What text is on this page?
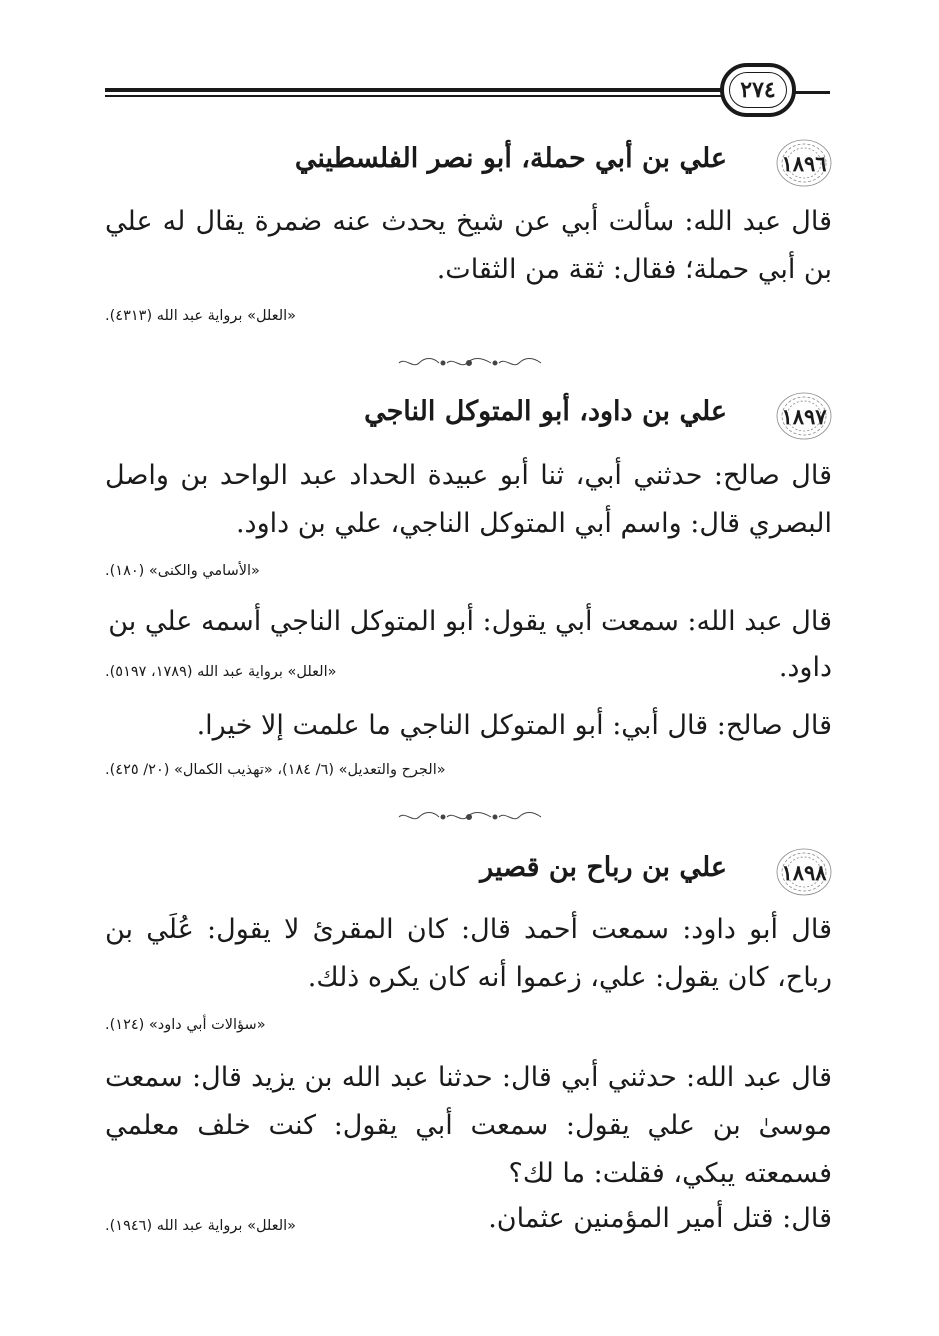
٢٧٤
١٨٩٦
علي بن أبي حملة، أبو نصر الفلسطيني
قال عبد الله: سألت أبي عن شيخ يحدث عنه ضمرة يقال له علي بن أبي حملة؛ فقال: ثقة من الثقات.
«العلل» برواية عبد الله (٤٣١٣).
١٨٩٧
علي بن داود، أبو المتوكل الناجي
قال صالح: حدثني أبي، ثنا أبو عبيدة الحداد عبد الواحد بن واصل البصري قال: واسم أبي المتوكل الناجي، علي بن داود.
«الأسامي والكنى» (١٨٠).
قال عبد الله: سمعت أبي يقول: أبو المتوكل الناجي أسمه علي بن
داود.
«العلل» برواية عبد الله (١٧٨٩، ٥١٩٧).
قال صالح: قال أبي: أبو المتوكل الناجي ما علمت إلا خيرا.
«الجرح والتعديل» (٦/ ١٨٤)، «تهذيب الكمال» (٢٠/ ٤٢٥).
١٨٩٨
علي بن رباح بن قصير
قال أبو داود: سمعت أحمد قال: كان المقرئ لا يقول: عُلَي بن رباح، كان يقول: علي، زعموا أنه كان يكره ذلك.
«سؤالات أبي داود» (١٢٤).
قال عبد الله: حدثني أبي قال: حدثنا عبد الله بن يزيد قال: سمعت موسىٰ بن علي يقول: سمعت أبي يقول: كنت خلف معلمي فسمعته يبكي، فقلت: ما لك؟
قال: قتل أمير المؤمنين عثمان.
«العلل» برواية عبد الله (١٩٤٦).
